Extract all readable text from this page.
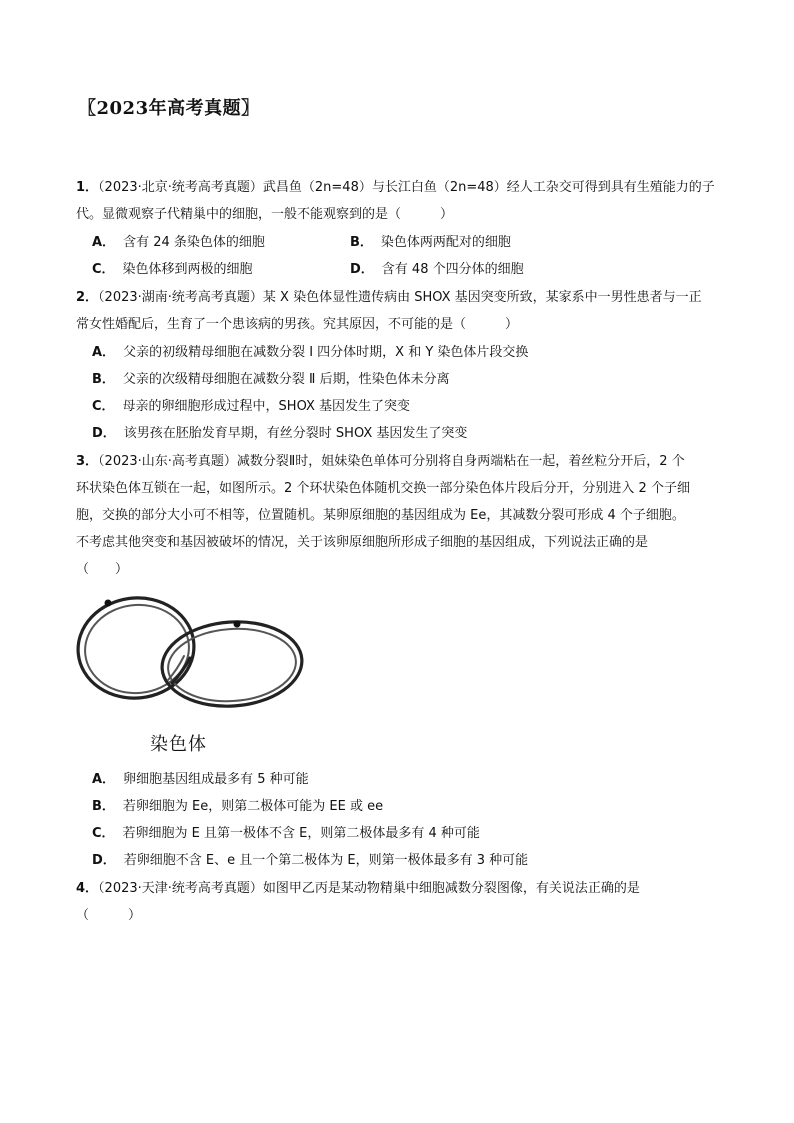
〖2023年高考真题〗
1．（2023·北京·统考高考真题）武昌鱼（2n=48）与长江白鱼（2n=48）经人工杂交可得到具有生殖能力的子
代。显微观察子代精巢中的细胞，一般不能观察到的是（　　　）
A． 含有 24 条染色体的细胞	B． 染色体两两配对的细胞
C． 染色体移到两极的细胞	D． 含有 48 个四分体的细胞
2．（2023·湖南·统考高考真题）某 X 染色体显性遗传病由 SHOX 基因突变所致，某家系中一男性患者与一正
常女性婚配后，生育了一个患该病的男孩。究其原因，不可能的是（　　　）
A． 父亲的初级精母细胞在减数分裂 I 四分体时期，X 和 Y 染色体片段交换
B． 父亲的次级精母细胞在减数分裂 Ⅱ 后期，性染色体未分离
C． 母亲的卵细胞形成过程中，SHOX 基因发生了突变
D． 该男孩在胚胎发育早期，有丝分裂时 SHOX 基因发生了突变
3．（2023·山东·高考真题）减数分裂Ⅱ时，姐妹染色单体可分别将自身两端粘在一起，着丝粒分开后，2 个
环状染色体互锁在一起，如图所示。2 个环状染色体随机交换一部分染色体片段后分开，分别进入 2 个子细
胞，交换的部分大小可不相等，位置随机。某卵原细胞的基因组成为 Ee，其减数分裂可形成 4 个子细胞。
不考虑其他突变和基因被破坏的情况，关于该卵原细胞所形成子细胞的基因组成，下列说法正确的是
（　　）
染色体
A． 卵细胞基因组成最多有 5 种可能
B． 若卵细胞为 Ee，则第二极体可能为 EE 或 ee
C． 若卵细胞为 E 且第一极体不含 E，则第二极体最多有 4 种可能
D． 若卵细胞不含 E、e 且一个第二极体为 E，则第一极体最多有 3 种可能
4．（2023·天津·统考高考真题）如图甲乙丙是某动物精巢中细胞减数分裂图像，有关说法正确的是
（　　　）
